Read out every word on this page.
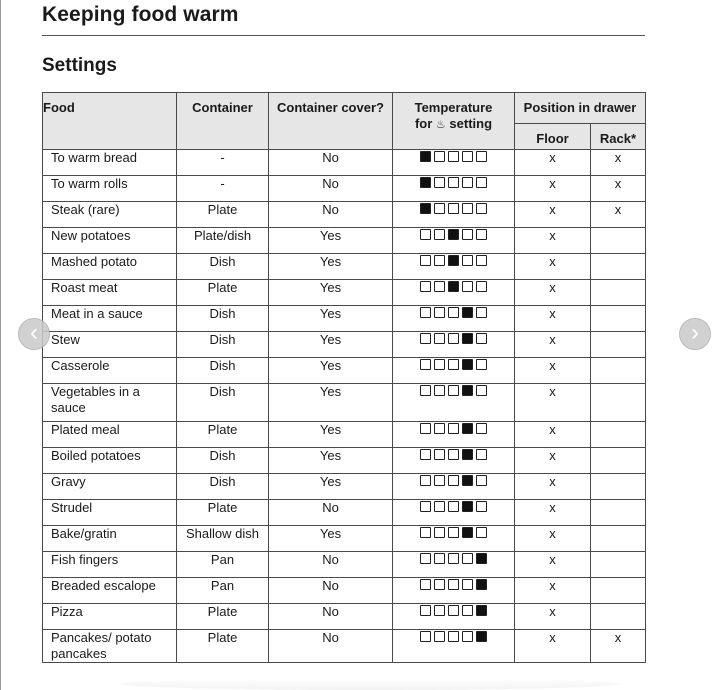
Keeping food warm
Settings
Food	Container	Container cover?	Temperature
for ♨ setting	Position in drawer	
				Floor	Rack*
To warm bread	-	No		x	x
To warm rolls	-	No		x	x
Steak (rare)	Plate	No		x	x
New potatoes	Plate/dish	Yes		x	
Mashed potato	Dish	Yes		x	
Roast meat	Plate	Yes		x	
Meat in a sauce	Dish	Yes		x	
Stew	Dish	Yes		x	
Casserole	Dish	Yes		x	
Vegetables in a sauce	Dish	Yes		x	
Plated meal	Plate	Yes		x	
Boiled potatoes	Dish	Yes		x	
Gravy	Dish	Yes		x	
Strudel	Plate	No		x	
Bake/gratin	Shallow dish	Yes		x	
Fish fingers	Pan	No		x	
Breaded escalope	Pan	No		x	
Pizza	Plate	No		x	
Pancakes/ potato pancakes	Plate	No		x	x
‹	›
